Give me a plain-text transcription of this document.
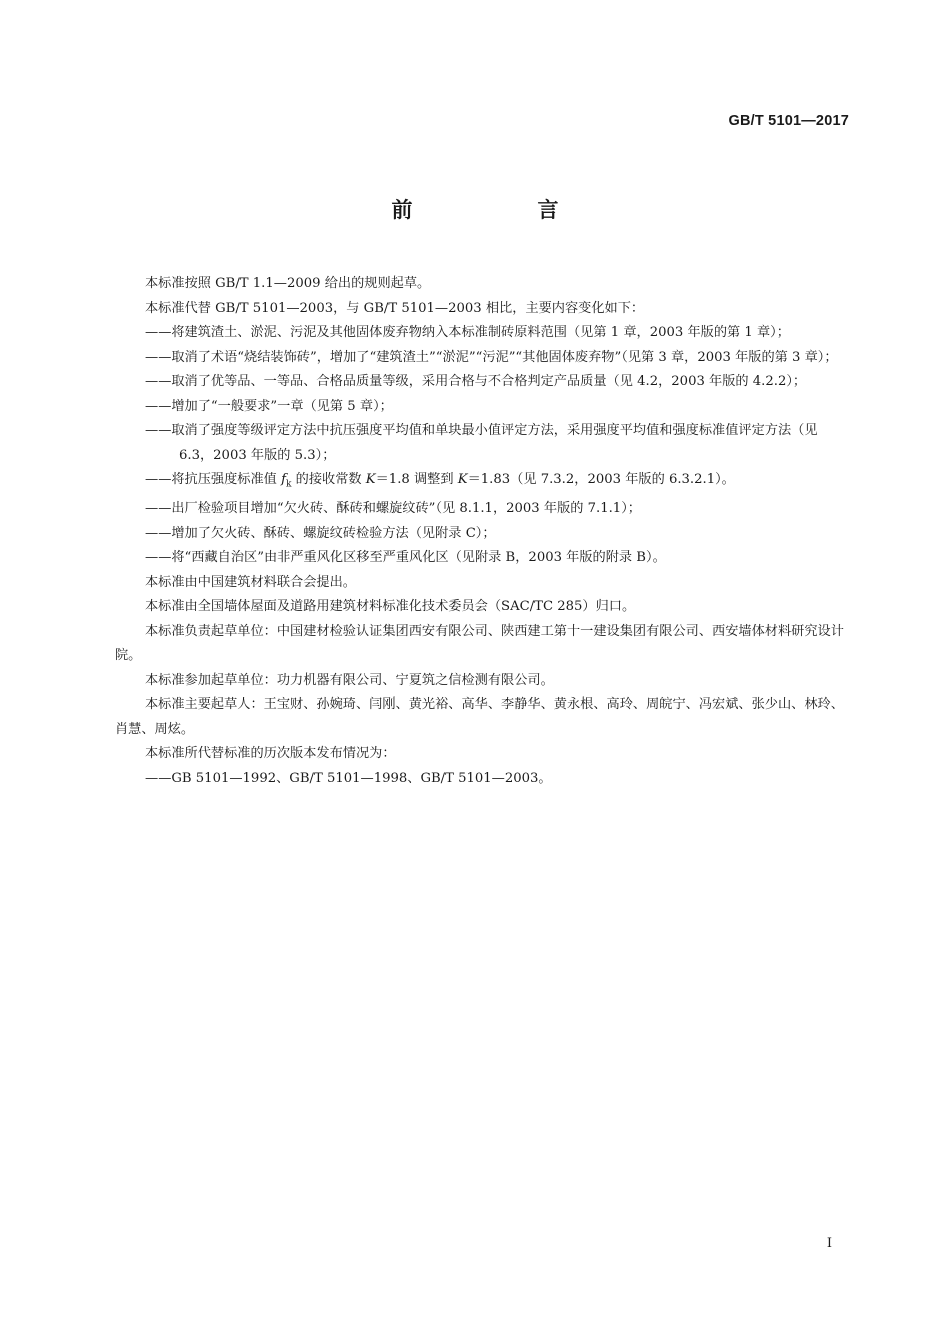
GB/T 5101—2017
前　言

本标准按照 GB/T 1.1—2009 给出的规则起草。

本标准代替 GB/T 5101—2003，与 GB/T 5101—2003 相比，主要内容变化如下：

——将建筑渣土、淤泥、污泥及其他固体废弃物纳入本标准制砖原料范围（见第 1 章，2003 年版的第 1 章）；

——取消了术语“烧结装饰砖”，增加了“建筑渣土”“淤泥”“污泥”“其他固体废弃物”（见第 3 章，2003 年版的第 3 章）；

——取消了优等品、一等品、合格品质量等级，采用合格与不合格判定产品质量（见 4.2，2003 年版的 4.2.2）；

——增加了“一般要求”一章（见第 5 章）；

——取消了强度等级评定方法中抗压强度平均值和单块最小值评定方法，采用强度平均值和强度标准值评定方法（见 6.3，2003 年版的 5.3）；

——将抗压强度标准值 $f_k$ 的接收常数 K＝1.8 调整到 K＝1.83（见 7.3.2，2003 年版的 6.3.2.1）。

——出厂检验项目增加“欠火砖、酥砖和螺旋纹砖”（见 8.1.1，2003 年版的 7.1.1）；

——增加了欠火砖、酥砖、螺旋纹砖检验方法（见附录 C）；

——将“西藏自治区”由非严重风化区移至严重风化区（见附录 B，2003 年版的附录 B）。

本标准由中国建筑材料联合会提出。

本标准由全国墙体屋面及道路用建筑材料标准化技术委员会（SAC/TC 285）归口。

本标准负责起草单位：中国建材检验认证集团西安有限公司、陕西建工第十一建设集团有限公司、西安墙体材料研究设计院。

本标准参加起草单位：功力机器有限公司、宁夏筑之信检测有限公司。

本标准主要起草人：王宝财、孙婉琦、闫刚、黄光裕、高华、李静华、黄永根、高玲、周皖宁、冯宏斌、张少山、林玲、肖慧、周炫。

本标准所代替标准的历次版本发布情况为：

——GB 5101—1992、GB/T 5101—1998、GB/T 5101—2003。

I
